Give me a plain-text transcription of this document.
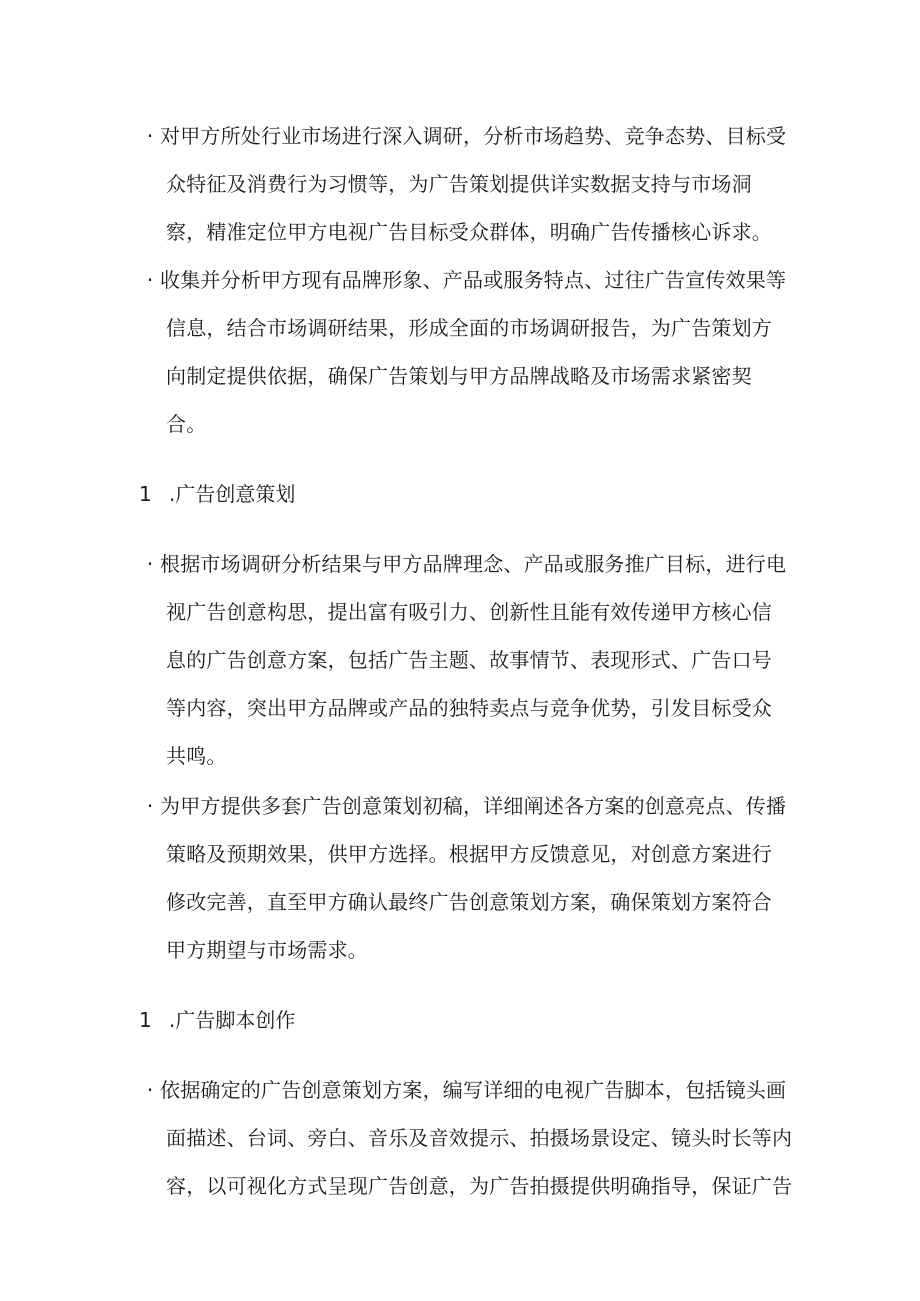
· 对甲方所处行业市场进行深入调研，分析市场趋势、竞争态势、目标受
众特征及消费行为习惯等，为广告策划提供详实数据支持与市场洞
察，精准定位甲方电视广告目标受众群体，明确广告传播核心诉求。
· 收集并分析甲方现有品牌形象、产品或服务特点、过往广告宣传效果等
信息，结合市场调研结果，形成全面的市场调研报告，为广告策划方
向制定提供依据，确保广告策划与甲方品牌战略及市场需求紧密契
合。
1 .广告创意策划
· 根据市场调研分析结果与甲方品牌理念、产品或服务推广目标，进行电
视广告创意构思，提出富有吸引力、创新性且能有效传递甲方核心信
息的广告创意方案，包括广告主题、故事情节、表现形式、广告口号
等内容，突出甲方品牌或产品的独特卖点与竞争优势，引发目标受众
共鸣。
· 为甲方提供多套广告创意策划初稿，详细阐述各方案的创意亮点、传播
策略及预期效果，供甲方选择。根据甲方反馈意见，对创意方案进行
修改完善，直至甲方确认最终广告创意策划方案，确保策划方案符合
甲方期望与市场需求。
1 .广告脚本创作
· 依据确定的广告创意策划方案，编写详细的电视广告脚本，包括镜头画
面描述、台词、旁白、音乐及音效提示、拍摄场景设定、镜头时长等内
容，以可视化方式呈现广告创意，为广告拍摄提供明确指导，保证广告
